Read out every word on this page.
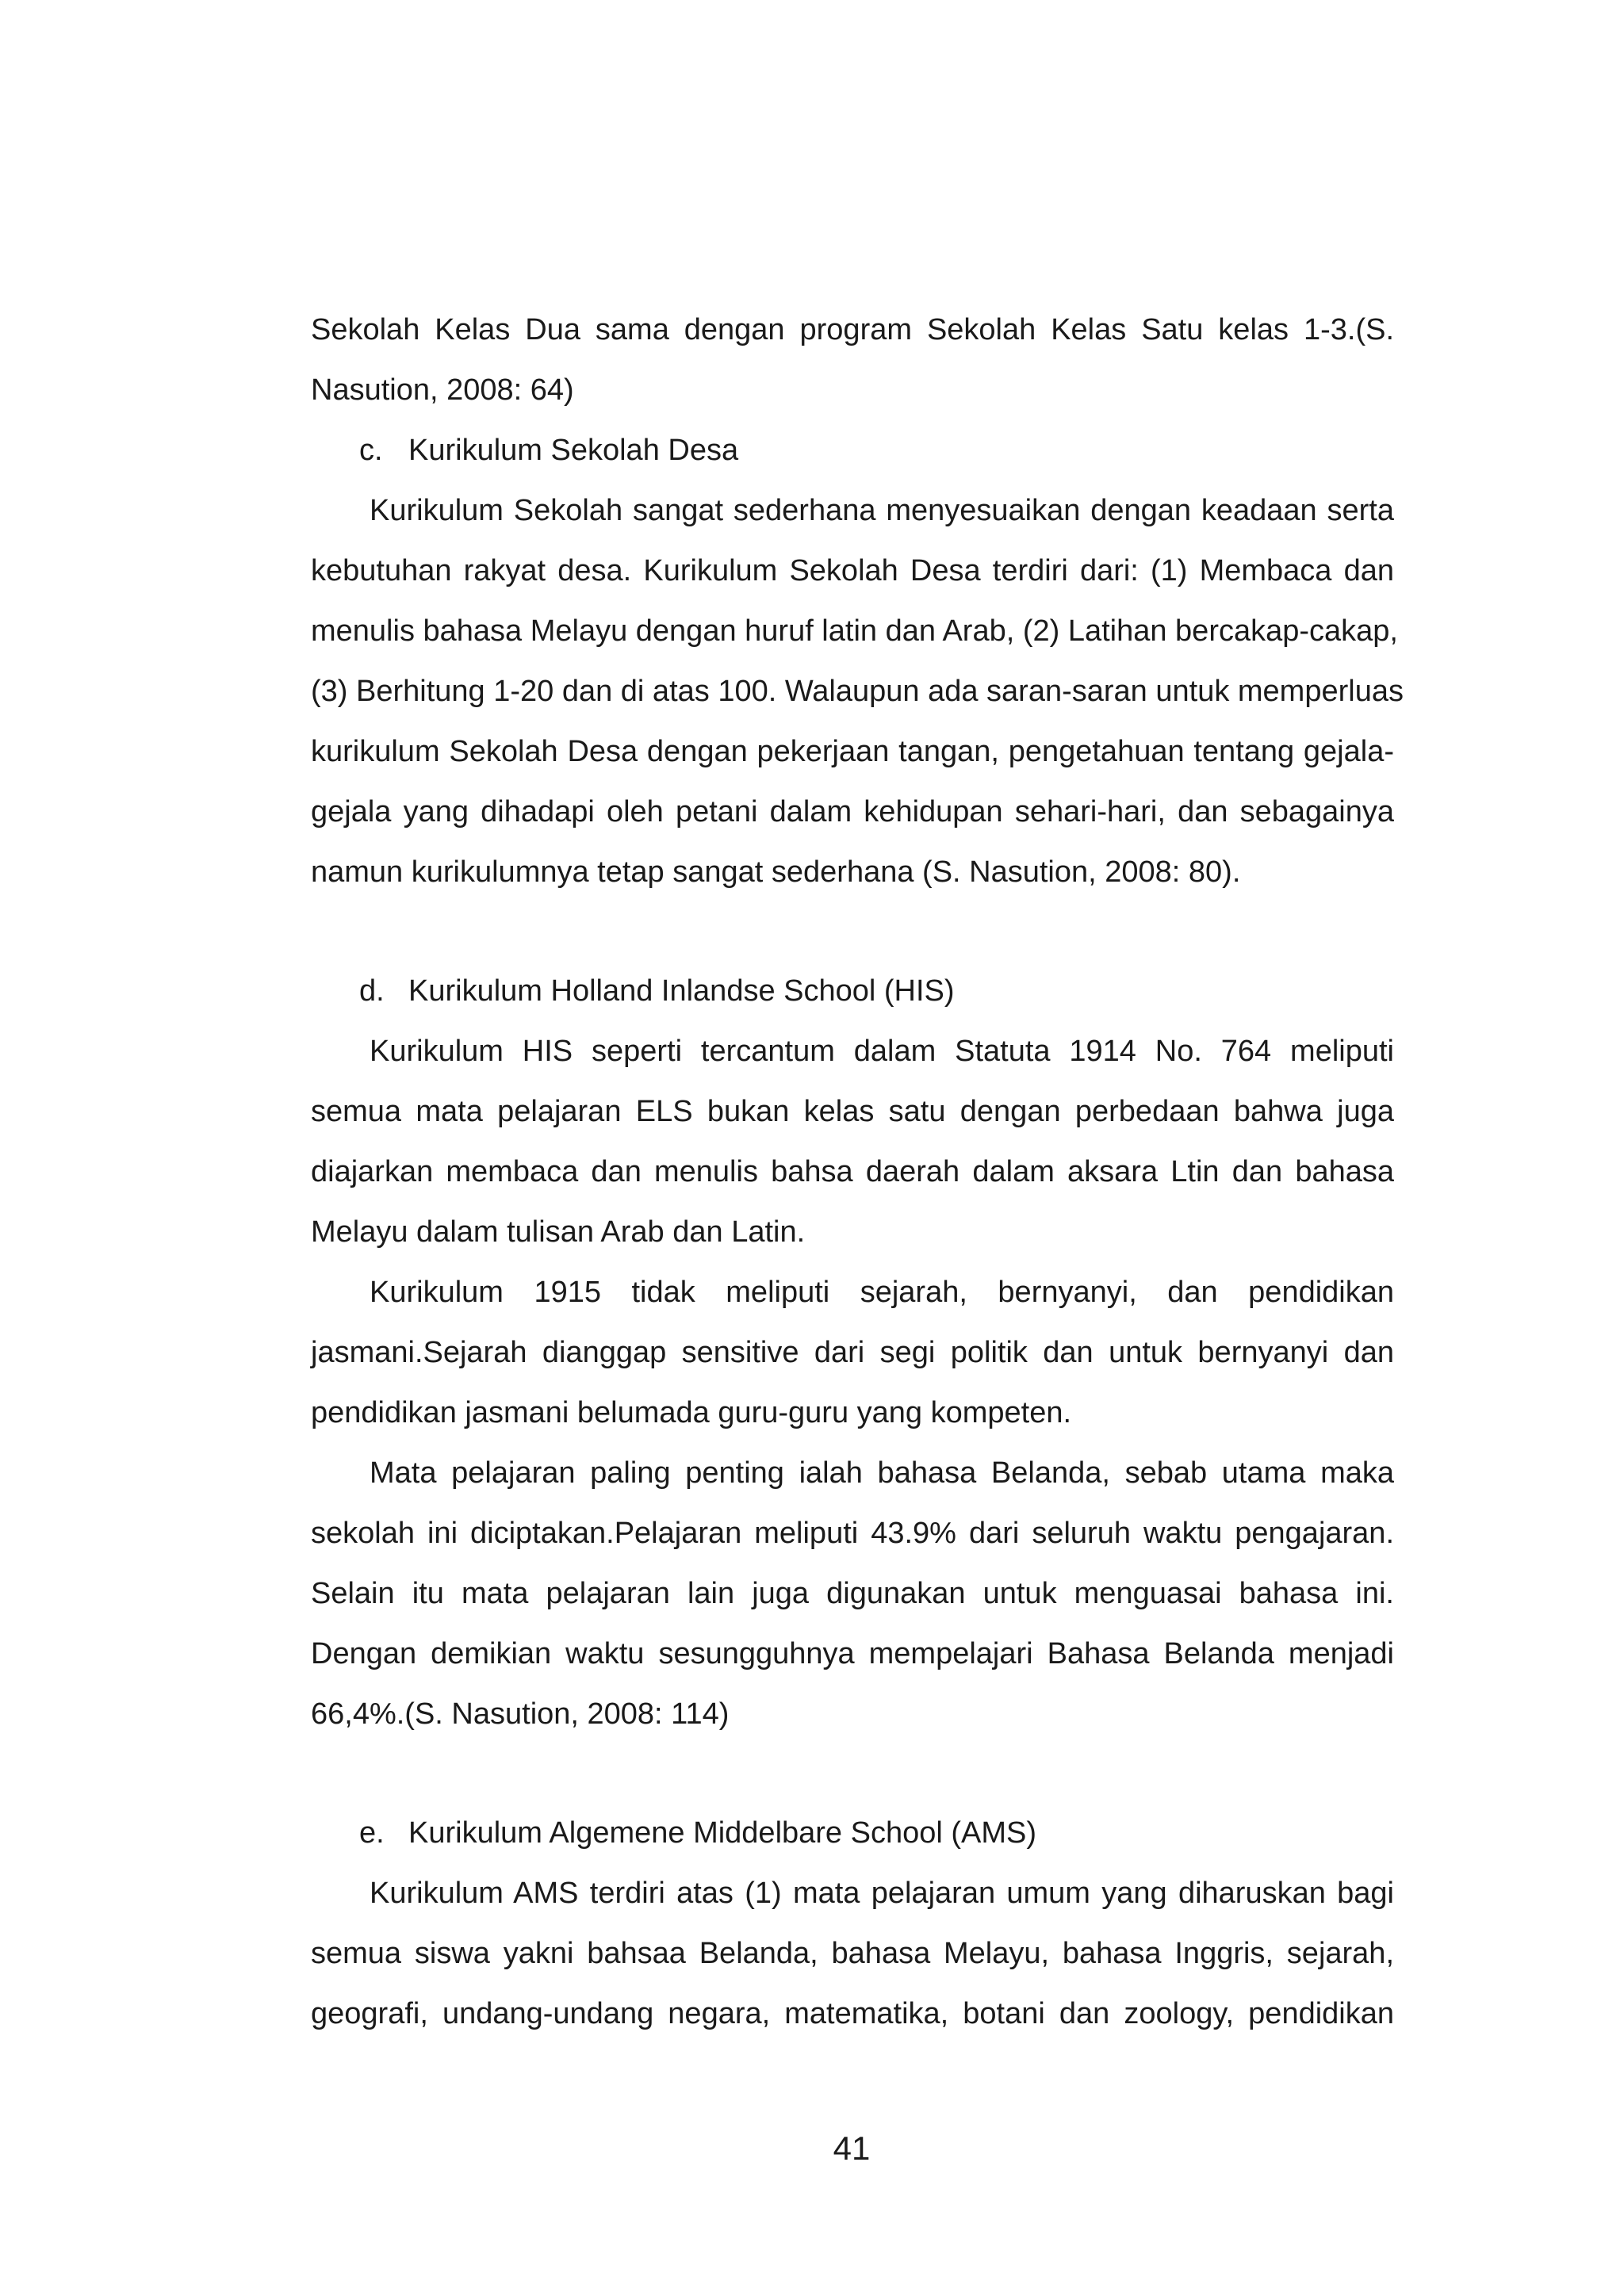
Sekolah Kelas Dua sama dengan program Sekolah Kelas Satu kelas 1-3.(S.
Nasution, 2008: 64)
c. Kurikulum Sekolah Desa
Kurikulum Sekolah sangat sederhana menyesuaikan dengan keadaan serta
kebutuhan rakyat desa. Kurikulum Sekolah Desa terdiri dari: (1) Membaca dan
menulis bahasa Melayu dengan huruf latin dan Arab, (2) Latihan bercakap-cakap,
(3) Berhitung 1-20 dan di atas 100. Walaupun ada saran-saran untuk memperluas
kurikulum Sekolah Desa dengan pekerjaan tangan, pengetahuan tentang gejala-
gejala yang dihadapi oleh petani dalam kehidupan sehari-hari, dan sebagainya
namun kurikulumnya tetap sangat sederhana (S. Nasution, 2008: 80).
d. Kurikulum Holland Inlandse School (HIS)
Kurikulum HIS seperti tercantum dalam Statuta 1914 No. 764 meliputi
semua mata pelajaran ELS bukan kelas satu dengan perbedaan bahwa juga
diajarkan membaca dan menulis bahsa daerah dalam aksara Ltin dan bahasa
Melayu dalam tulisan Arab dan Latin.
Kurikulum 1915 tidak meliputi sejarah, bernyanyi, dan pendidikan
jasmani.Sejarah dianggap sensitive dari segi politik dan untuk bernyanyi dan
pendidikan jasmani belumada guru-guru yang kompeten.
Mata pelajaran paling penting ialah bahasa Belanda, sebab utama maka
sekolah ini diciptakan.Pelajaran meliputi 43.9% dari seluruh waktu pengajaran.
Selain itu mata pelajaran lain juga digunakan untuk menguasai bahasa ini.
Dengan demikian waktu sesungguhnya mempelajari Bahasa Belanda menjadi
66,4%.(S. Nasution, 2008: 114)
e. Kurikulum Algemene Middelbare School (AMS)
Kurikulum AMS terdiri atas (1) mata pelajaran umum yang diharuskan bagi
semua siswa yakni bahsaa Belanda, bahasa Melayu, bahasa Inggris, sejarah,
geografi, undang-undang negara, matematika, botani dan zoology, pendidikan
41
